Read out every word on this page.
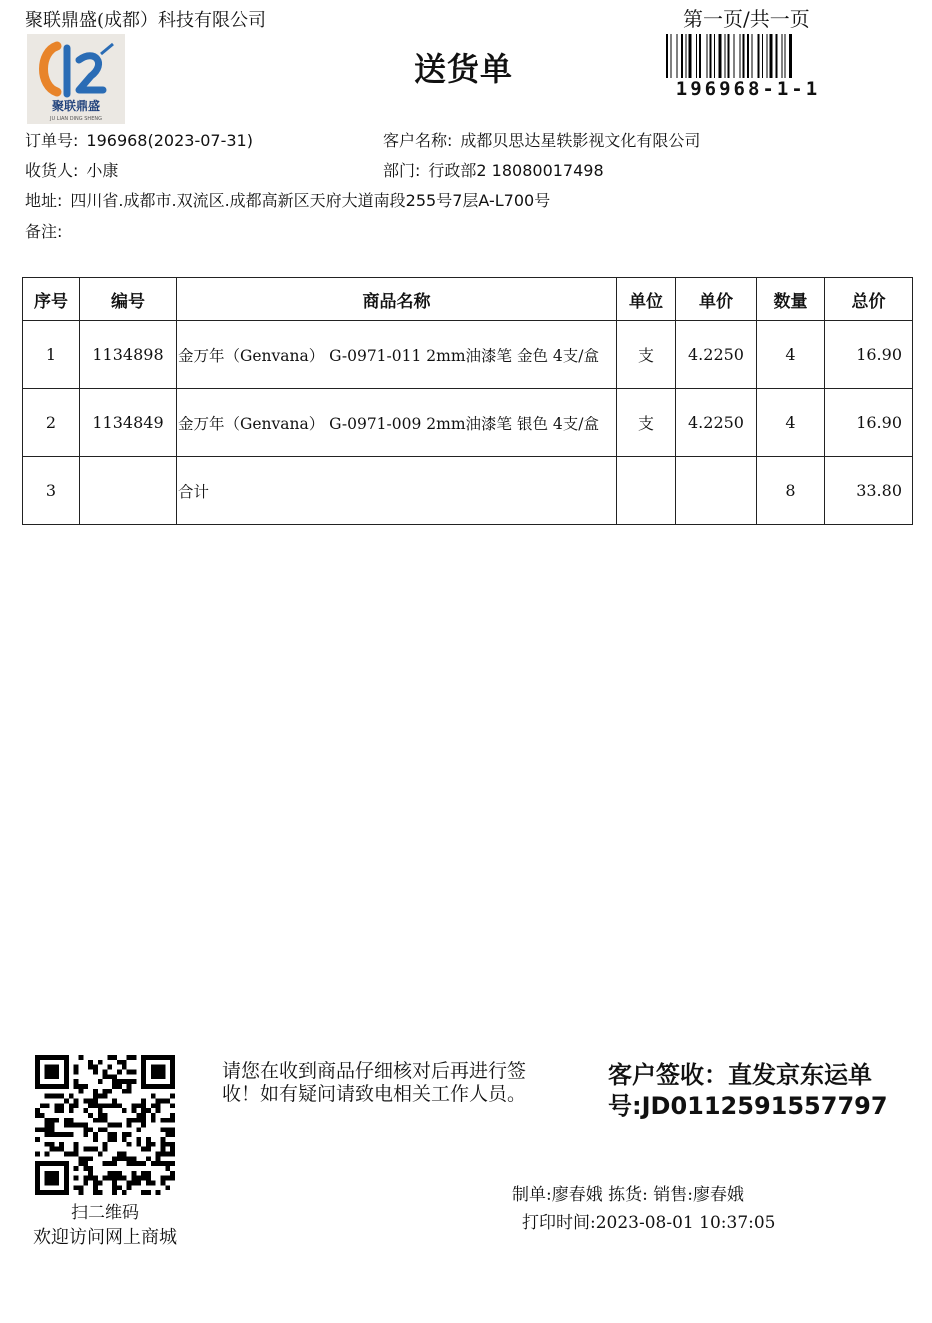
聚联鼎盛(成都）科技有限公司
聚联鼎盛
JU LIAN DING SHENG
送货单
第一页/共一页
196968-1-1
订单号: 196968(2023-07-31)	客户名称: 成都贝思达星轶影视文化有限公司
收货人: 小康	部门: 行政部2 18080017498
地址: 四川省.成都市.双流区.成都高新区天府大道南段255号7层A-L700号
备注:
序号	编号	商品名称	单位	单价	数量	总价
1	1134898	金万年（Genvana） G-0971-011 2mm油漆笔 金色 4支/盒	支	4.2250	4	16.90
2	1134849	金万年（Genvana） G-0971-009 2mm油漆笔 银色 4支/盒	支	4.2250	4	16.90
3		合计			8	33.80
扫二维码
欢迎访问网上商城
请您在收到商品仔细核对后再进行签收！如有疑问请致电相关工作人员。
客户签收：直发京东运单号:JD0112591557797
制单:廖春娥 拣货: 销售:廖春娥
打印时间:2023-08-01 10:37:05
